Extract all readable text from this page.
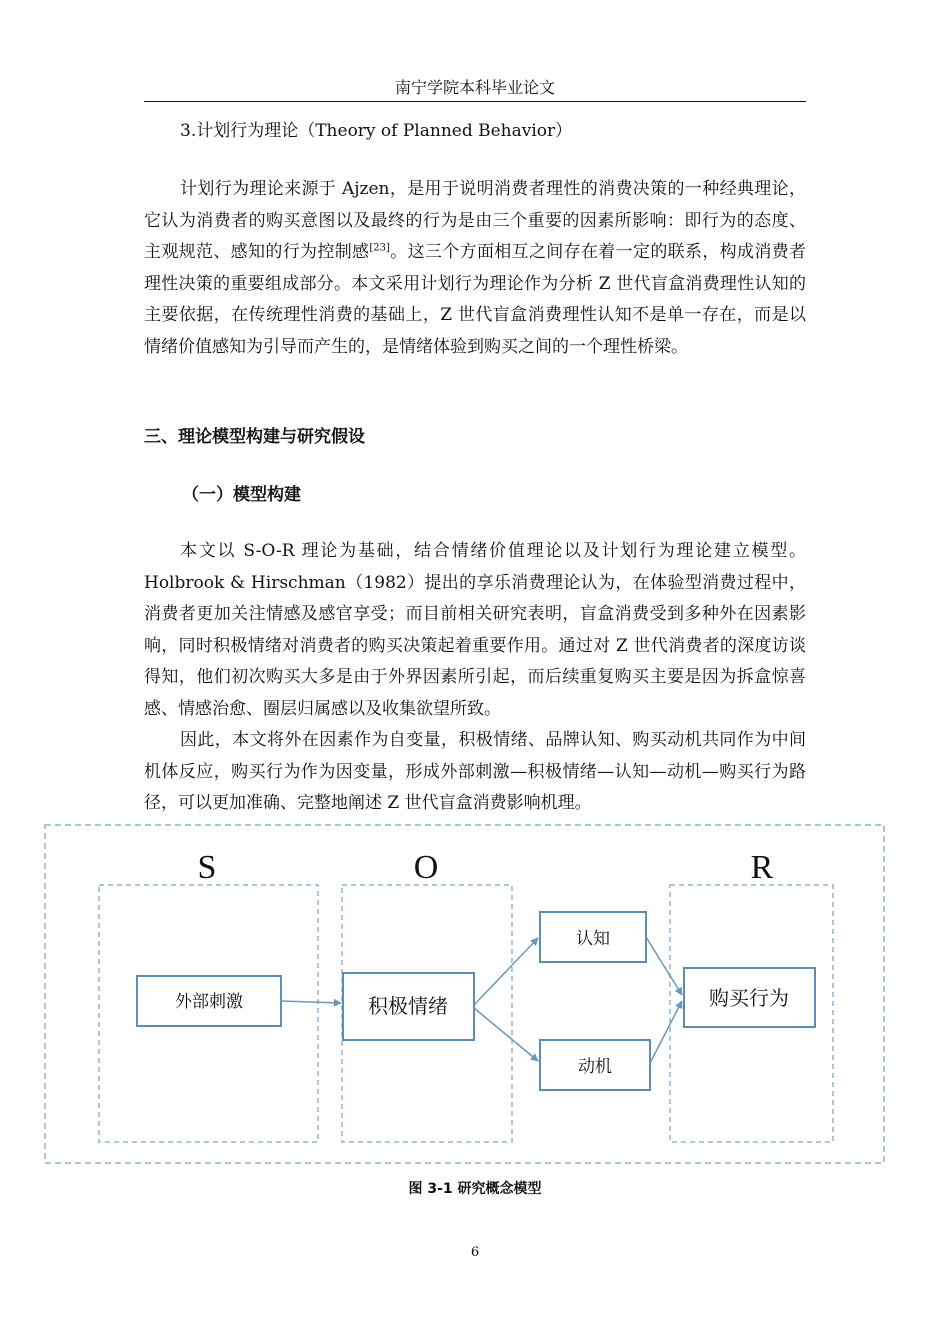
南宁学院本科毕业论文

3.计划行为理论（Theory of Planned Behavior）

计划行为理论来源于 Ajzen，是用于说明消费者理性的消费决策的一种经典理论，它认为消费者的购买意图以及最终的行为是由三个重要的因素所影响：即行为的态度、主观规范、感知的行为控制感[23]。这三个方面相互之间存在着一定的联系，构成消费者理性决策的重要组成部分。本文采用计划行为理论作为分析 Z 世代盲盒消费理性认知的主要依据，在传统理性消费的基础上，Z 世代盲盒消费理性认知不是单一存在，而是以情绪价值感知为引导而产生的，是情绪体验到购买之间的一个理性桥梁。

三、理论模型构建与研究假设
（一）模型构建

本文以 S-O-R 理论为基础，结合情绪价值理论以及计划行为理论建立模型。Holbrook & Hirschman（1982）提出的享乐消费理论认为，在体验型消费过程中，消费者更加关注情感及感官享受；而目前相关研究表明，盲盒消费受到多种外在因素影响，同时积极情绪对消费者的购买决策起着重要作用。通过对 Z 世代消费者的深度访谈得知，他们初次购买大多是由于外界因素所引起，而后续重复购买主要是因为拆盒惊喜感、情感治愈、圈层归属感以及收集欲望所致。

因此，本文将外在因素作为自变量，积极情绪、品牌认知、购买动机共同作为中间机体反应，购买行为作为因变量，形成外部刺激—积极情绪—认知—动机—购买行为路径，可以更加准确、完整地阐述 Z 世代盲盒消费影响机理。

S	O	R
外部刺激	积极情绪
认知
动机
购买行为
图 3-1 研究概念模型
6
